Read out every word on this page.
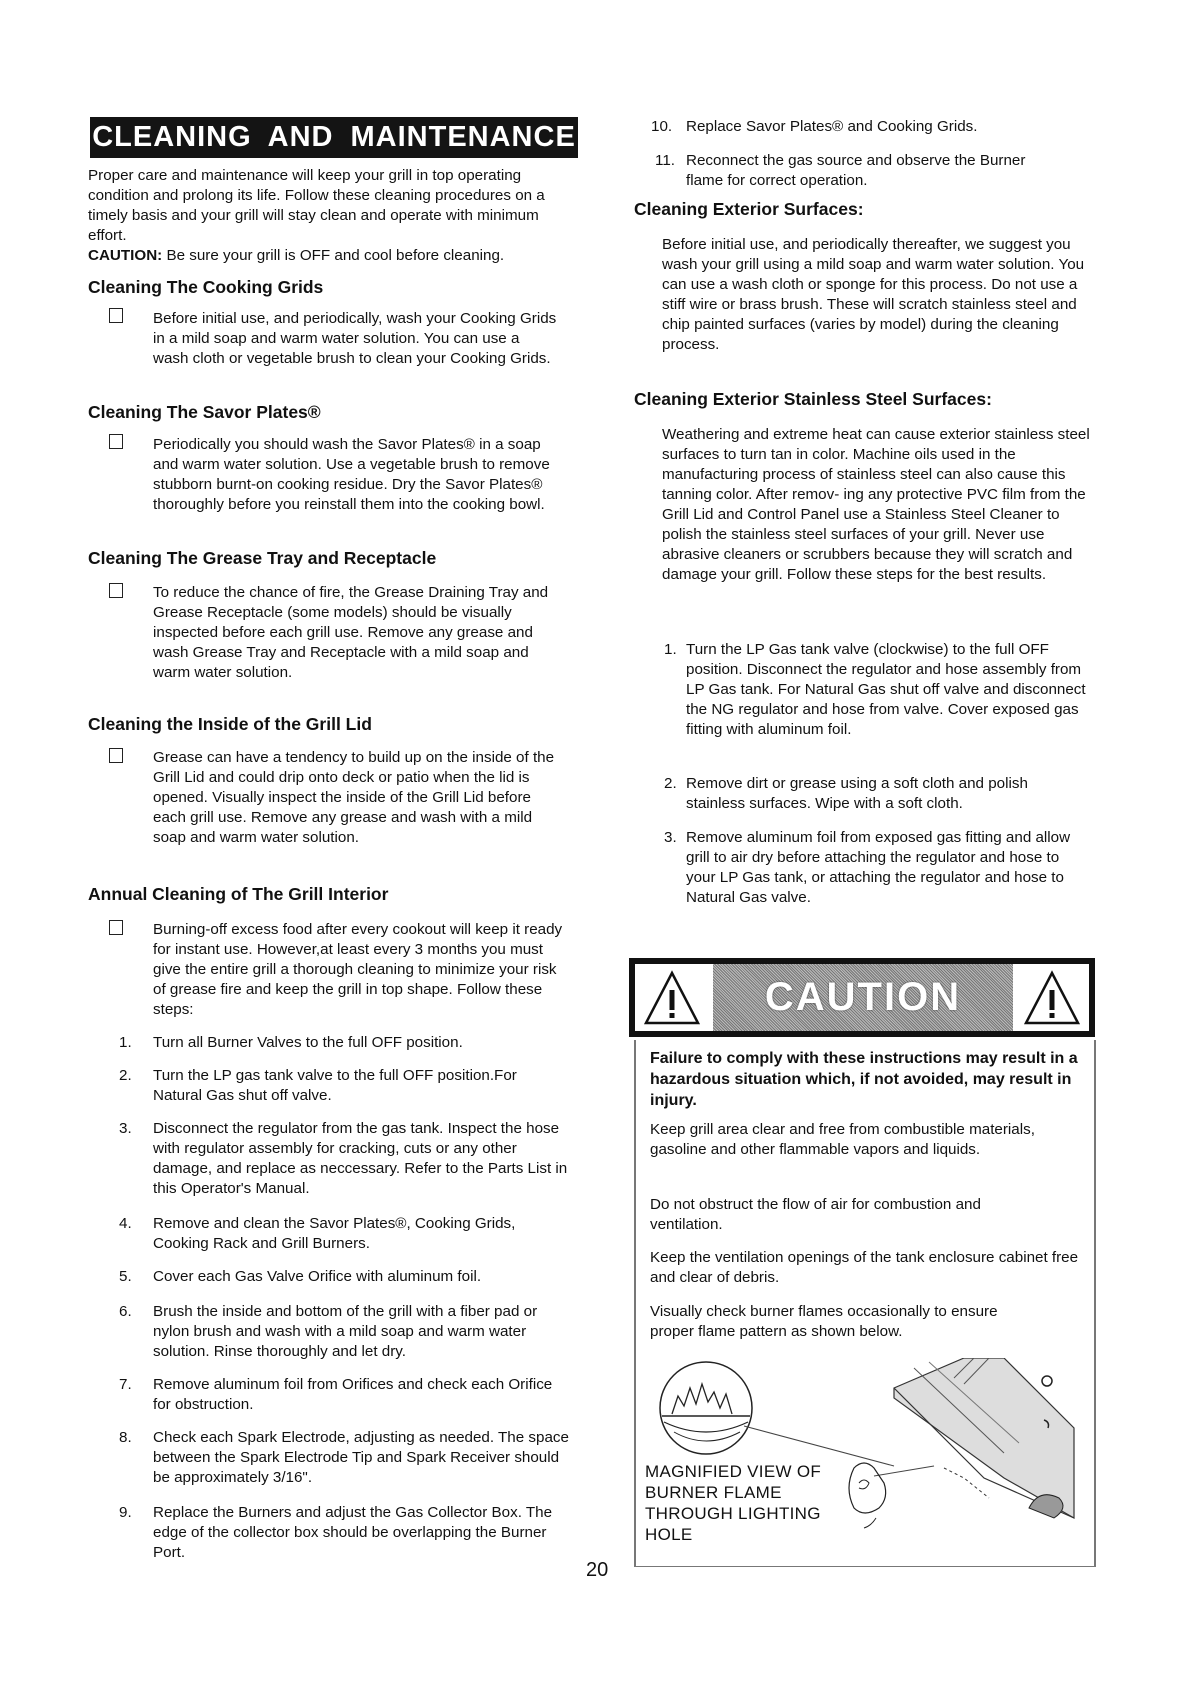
CLEANING AND MAINTENANCE

Proper care and maintenance will keep your grill in top operating condition and prolong its life. Follow these cleaning procedures on a timely basis and your grill will stay clean and operate with minimum effort.

CAUTION: Be sure your grill is OFF and cool before cleaning.

Cleaning The Cooking Grids

Before initial use, and periodically, wash your Cooking Grids in a mild soap and warm water solution. You can use a wash cloth or vegetable brush to clean your Cooking Grids.

Cleaning The Savor Plates®

Periodically you should wash the Savor Plates® in a soap and warm water solution. Use a vegetable brush to remove stubborn burnt-on cooking residue. Dry the Savor Plates® thoroughly before you reinstall them into the cooking bowl.

Cleaning The Grease Tray and Receptacle

To reduce the chance of fire, the Grease Draining Tray and Grease Receptacle (some models) should be visually inspected before each grill use. Remove any grease and wash Grease Tray and Receptacle with a mild soap and warm water solution.

Cleaning the Inside of the Grill Lid

Grease can have a tendency to build up on the inside of the Grill Lid and could drip onto deck or patio when the lid is opened. Visually inspect the inside of the Grill Lid before each grill use. Remove any grease and wash with a mild soap and warm water solution.

Annual Cleaning of The Grill Interior

Burning-off excess food after every cookout will keep it ready for instant use. However,at least every 3 months you must give the entire grill a thorough cleaning to minimize your risk of grease fire and keep the grill in top shape. Follow these steps:

1. Turn all Burner Valves to the full OFF position.

2. Turn the LP gas tank valve to the full OFF position.For Natural Gas shut off valve.

3. Disconnect the regulator from the gas tank. Inspect the hose with regulator assembly for cracking, cuts or any other damage, and replace as neccessary. Refer to the Parts List in this Operator's Manual.

4. Remove and clean the Savor Plates®, Cooking Grids, Cooking Rack and Grill Burners.

5. Cover each Gas Valve Orifice with aluminum foil.

6. Brush the inside and bottom of the grill with a fiber pad or nylon brush and wash with a mild soap and warm water solution. Rinse thoroughly and let dry.

7. Remove aluminum foil from Orifices and check each Orifice for obstruction.

8. Check each Spark Electrode, adjusting as needed. The space between the Spark Electrode Tip and Spark Receiver should be approximately 3/16".

9. Replace the Burners and adjust the Gas Collector Box. The edge of the collector box should be overlapping the Burner Port.

10. Replace Savor Plates® and Cooking Grids.

11. Reconnect the gas source and observe the Burner flame for correct operation.

Cleaning Exterior Surfaces:

Before initial use, and periodically thereafter, we suggest you wash your grill using a mild soap and warm water solution. You can use a wash cloth or sponge for this process. Do not use a stiff wire or brass brush. These will scratch stainless steel and chip painted surfaces (varies by model) during the cleaning process.

Cleaning Exterior Stainless Steel Surfaces:

Weathering and extreme heat can cause exterior stainless steel surfaces to turn tan in color. Machine oils used in the manufacturing process of stainless steel can also cause this tanning color. After remov- ing any protective PVC film from the Grill Lid and Control Panel use a Stainless Steel Cleaner to polish the stainless steel surfaces of your grill. Never use abrasive cleaners or scrubbers because they will scratch and damage your grill. Follow these steps for the best results.

1. Turn the LP Gas tank valve (clockwise) to the full OFF position. Disconnect the regulator and hose assembly from LP Gas tank. For Natural Gas shut off valve and disconnect the NG regulator and hose from valve. Cover exposed gas fitting with aluminum foil.

2. Remove dirt or grease using a soft cloth and polish stainless surfaces. Wipe with a soft cloth.

3. Remove aluminum foil from exposed gas fitting and allow grill to air dry before attaching the regulator and hose to your LP Gas tank, or attaching the regulator and hose to Natural Gas valve.

CAUTION

Failure to comply with these instructions may result in a hazardous situation which, if not avoided, may result in injury.

Keep grill area clear and free from combustible materials, gasoline and other flammable vapors and liquids.

Do not obstruct the flow of air for combustion and ventilation.

Keep the ventilation openings of the tank enclosure cabinet free and clear of debris.

Visually check burner flames occasionally to ensure proper flame pattern as shown below.

MAGNIFIED VIEW OF
BURNER FLAME
THROUGH LIGHTING
HOLE
20
